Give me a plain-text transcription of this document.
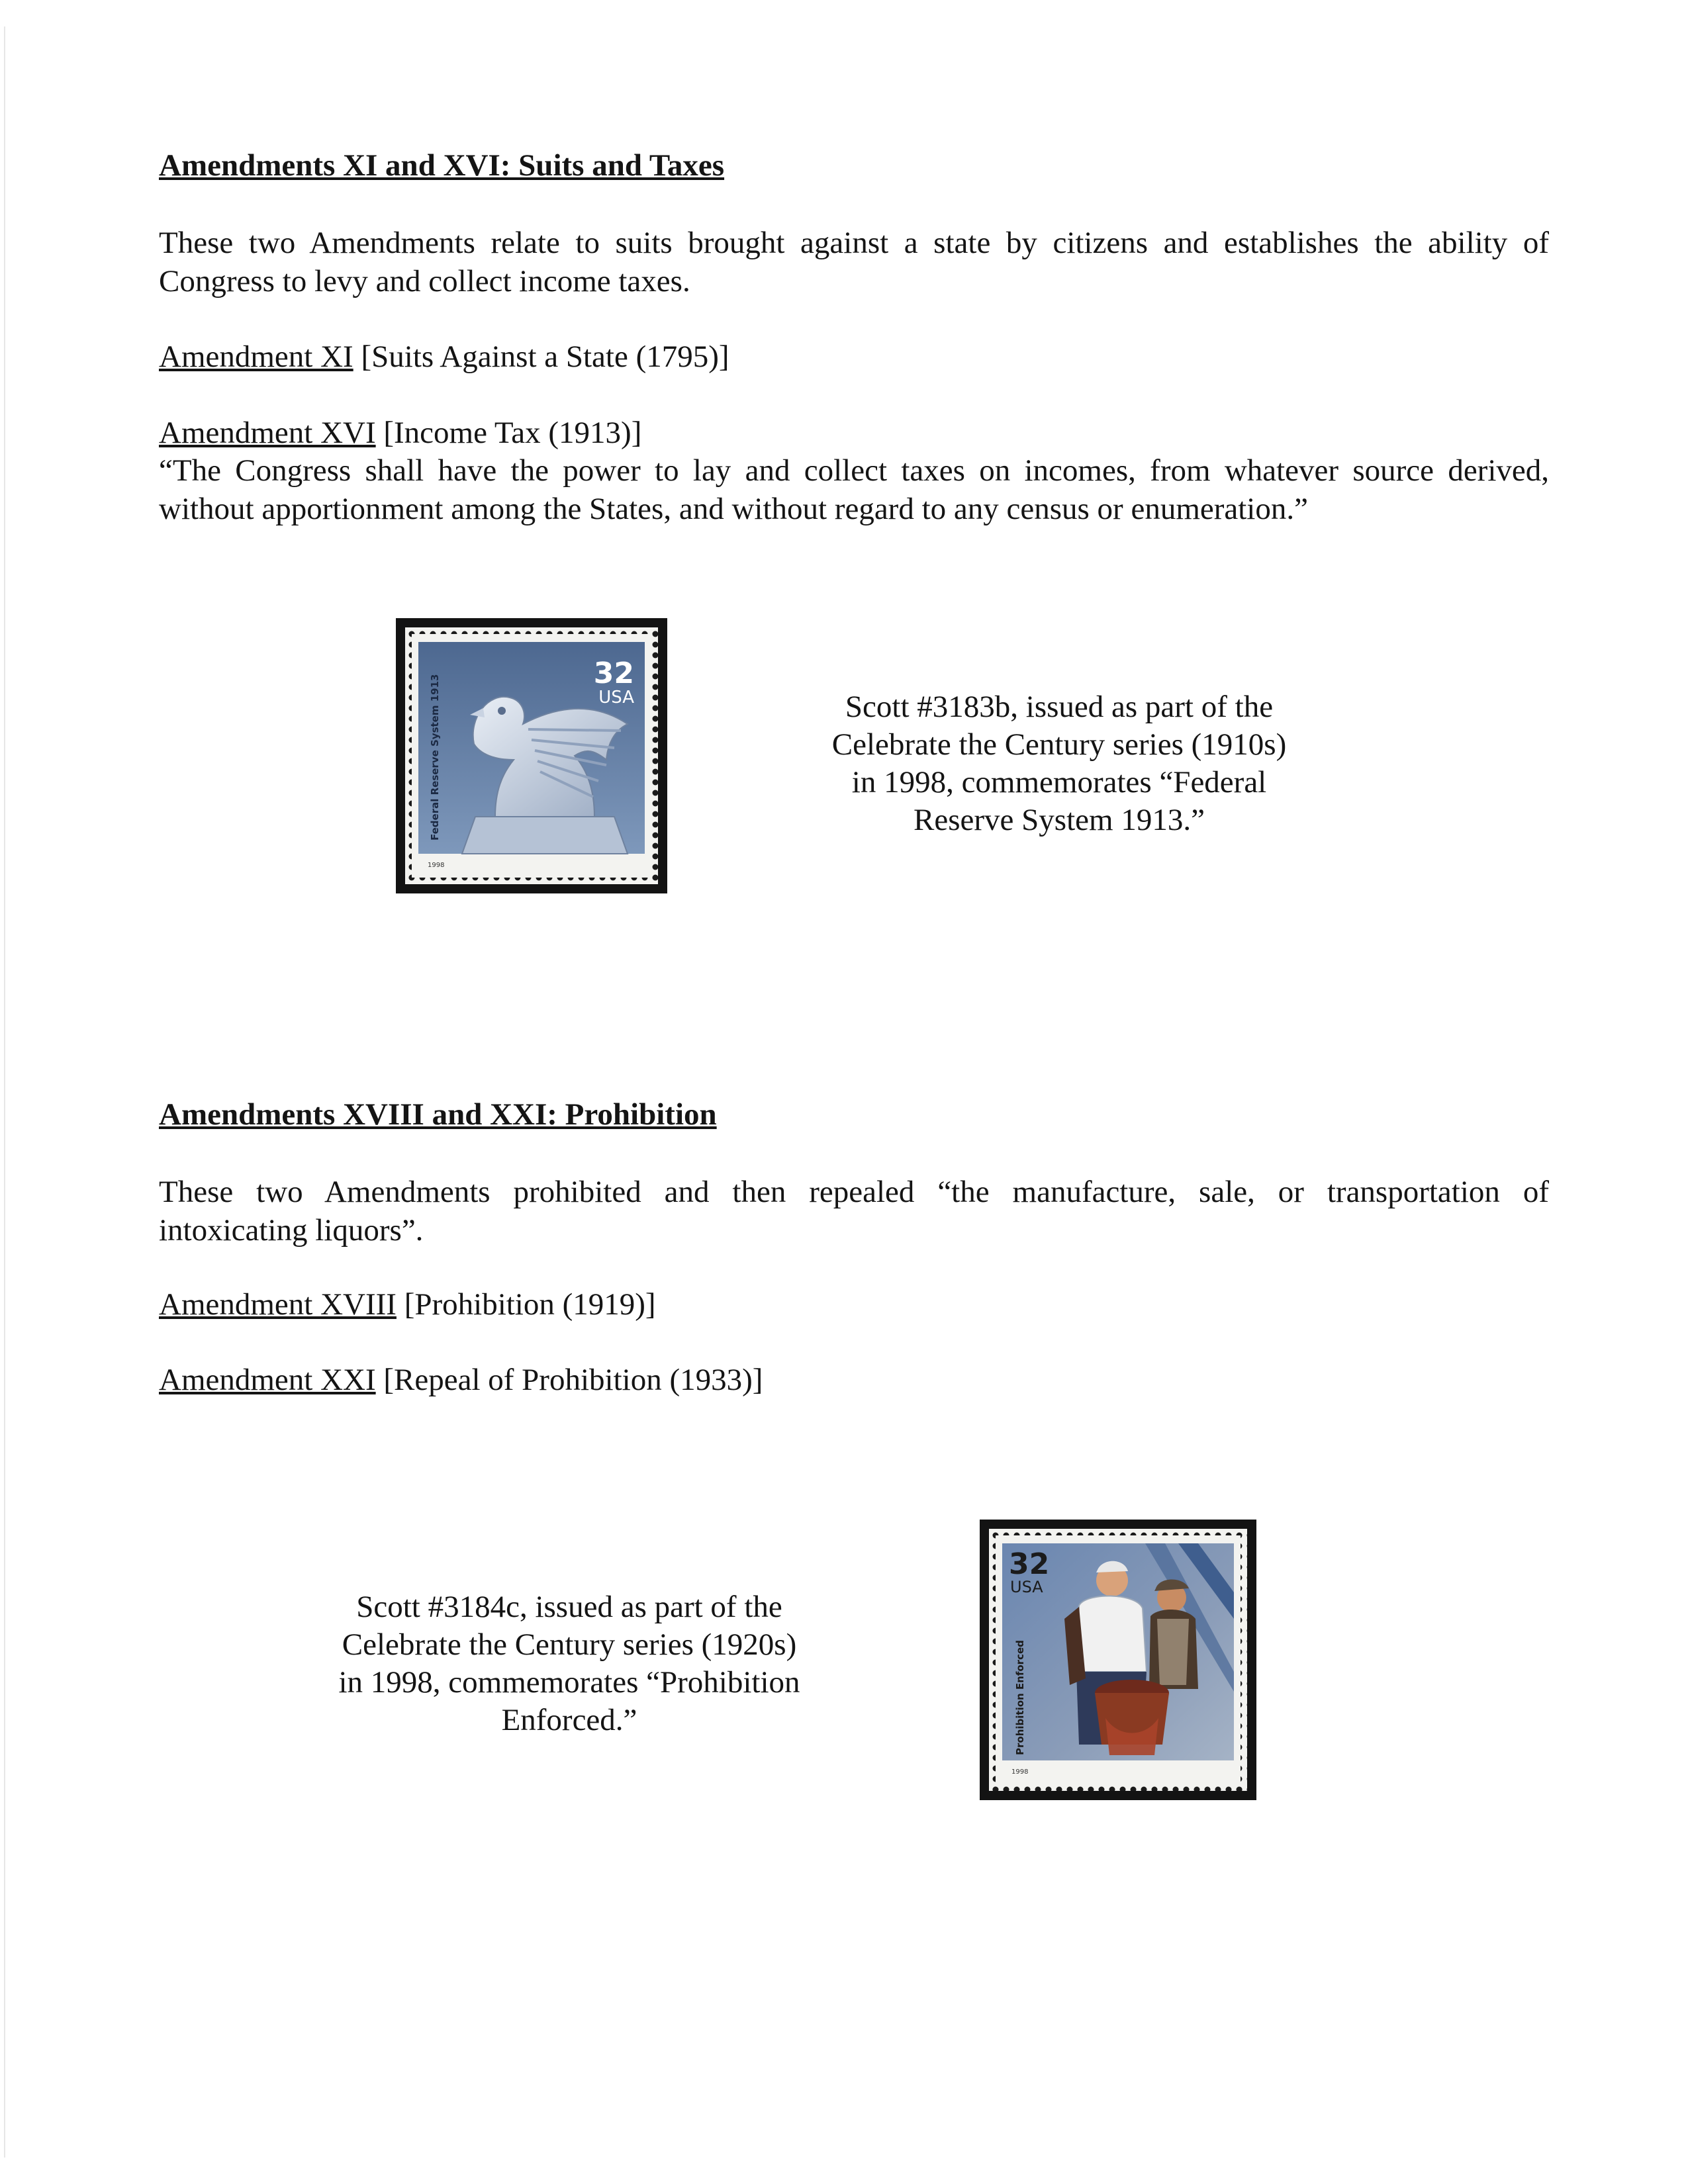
Amendments XI and XVI: Suits and Taxes

These two Amendments relate to suits brought against a state by citizens and establishes the ability of

Congress to levy and collect income taxes.

Amendment XI [Suits Against a State (1795)]

Amendment XVI [Income Tax (1913)]

“The Congress shall have the power to lay and collect taxes on incomes, from whatever source derived,

without apportionment among the States, and without regard to any census or enumeration.”

32
USA
Federal Reserve System 1913
1998
Scott #3183b, issued as part of the
Celebrate the Century series (1910s)
in 1998, commemorates “Federal
Reserve System 1913.”
Amendments XVIII and XXI: Prohibition

These two Amendments prohibited and then repealed “the manufacture, sale, or transportation of

intoxicating liquors”.

Amendment XVIII [Prohibition (1919)]

Amendment XXI [Repeal of Prohibition (1933)]

Scott #3184c, issued as part of the
Celebrate the Century series (1920s)
in 1998, commemorates “Prohibition
Enforced.”
32
USA
Prohibition Enforced
1998
